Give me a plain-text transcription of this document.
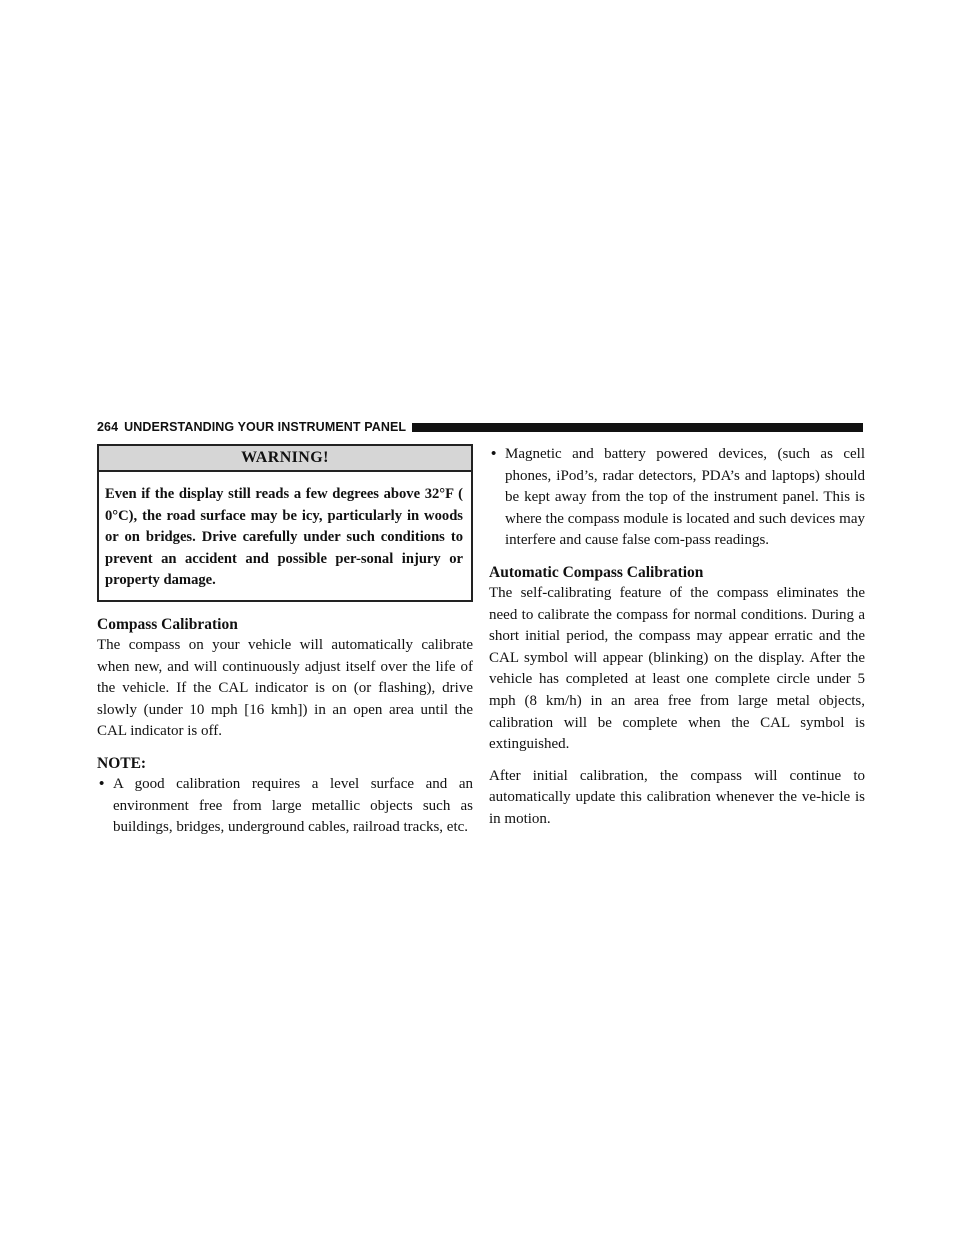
264 UNDERSTANDING YOUR INSTRUMENT PANEL
WARNING!
Even if the display still reads a few degrees above 32°F ( 0°C), the road surface may be icy, particularly in woods or on bridges. Drive carefully under such conditions to prevent an accident and possible per-sonal injury or property damage.
Compass Calibration
The compass on your vehicle will automatically calibrate when new, and will continuously adjust itself over the life of the vehicle. If the CAL indicator is on (or flashing), drive slowly (under 10 mph [16 kmh]) in an open area until the CAL indicator is off.
NOTE:
• A good calibration requires a level surface and an environment free from large metallic objects such as buildings, bridges, underground cables, railroad tracks, etc.
• Magnetic and battery powered devices, (such as cell phones, iPod’s, radar detectors, PDA’s and laptops) should be kept away from the top of the instrument panel. This is where the compass module is located and such devices may interfere and cause false com-pass readings.
Automatic Compass Calibration
The self-calibrating feature of the compass eliminates the need to calibrate the compass for normal conditions. During a short initial period, the compass may appear erratic and the CAL symbol will appear (blinking) on the display. After the vehicle has completed at least one complete circle under 5 mph (8 km/h) in an area free from large metal objects, calibration will be complete when the CAL symbol is extinguished.
After initial calibration, the compass will continue to automatically update this calibration whenever the ve-hicle is in motion.
